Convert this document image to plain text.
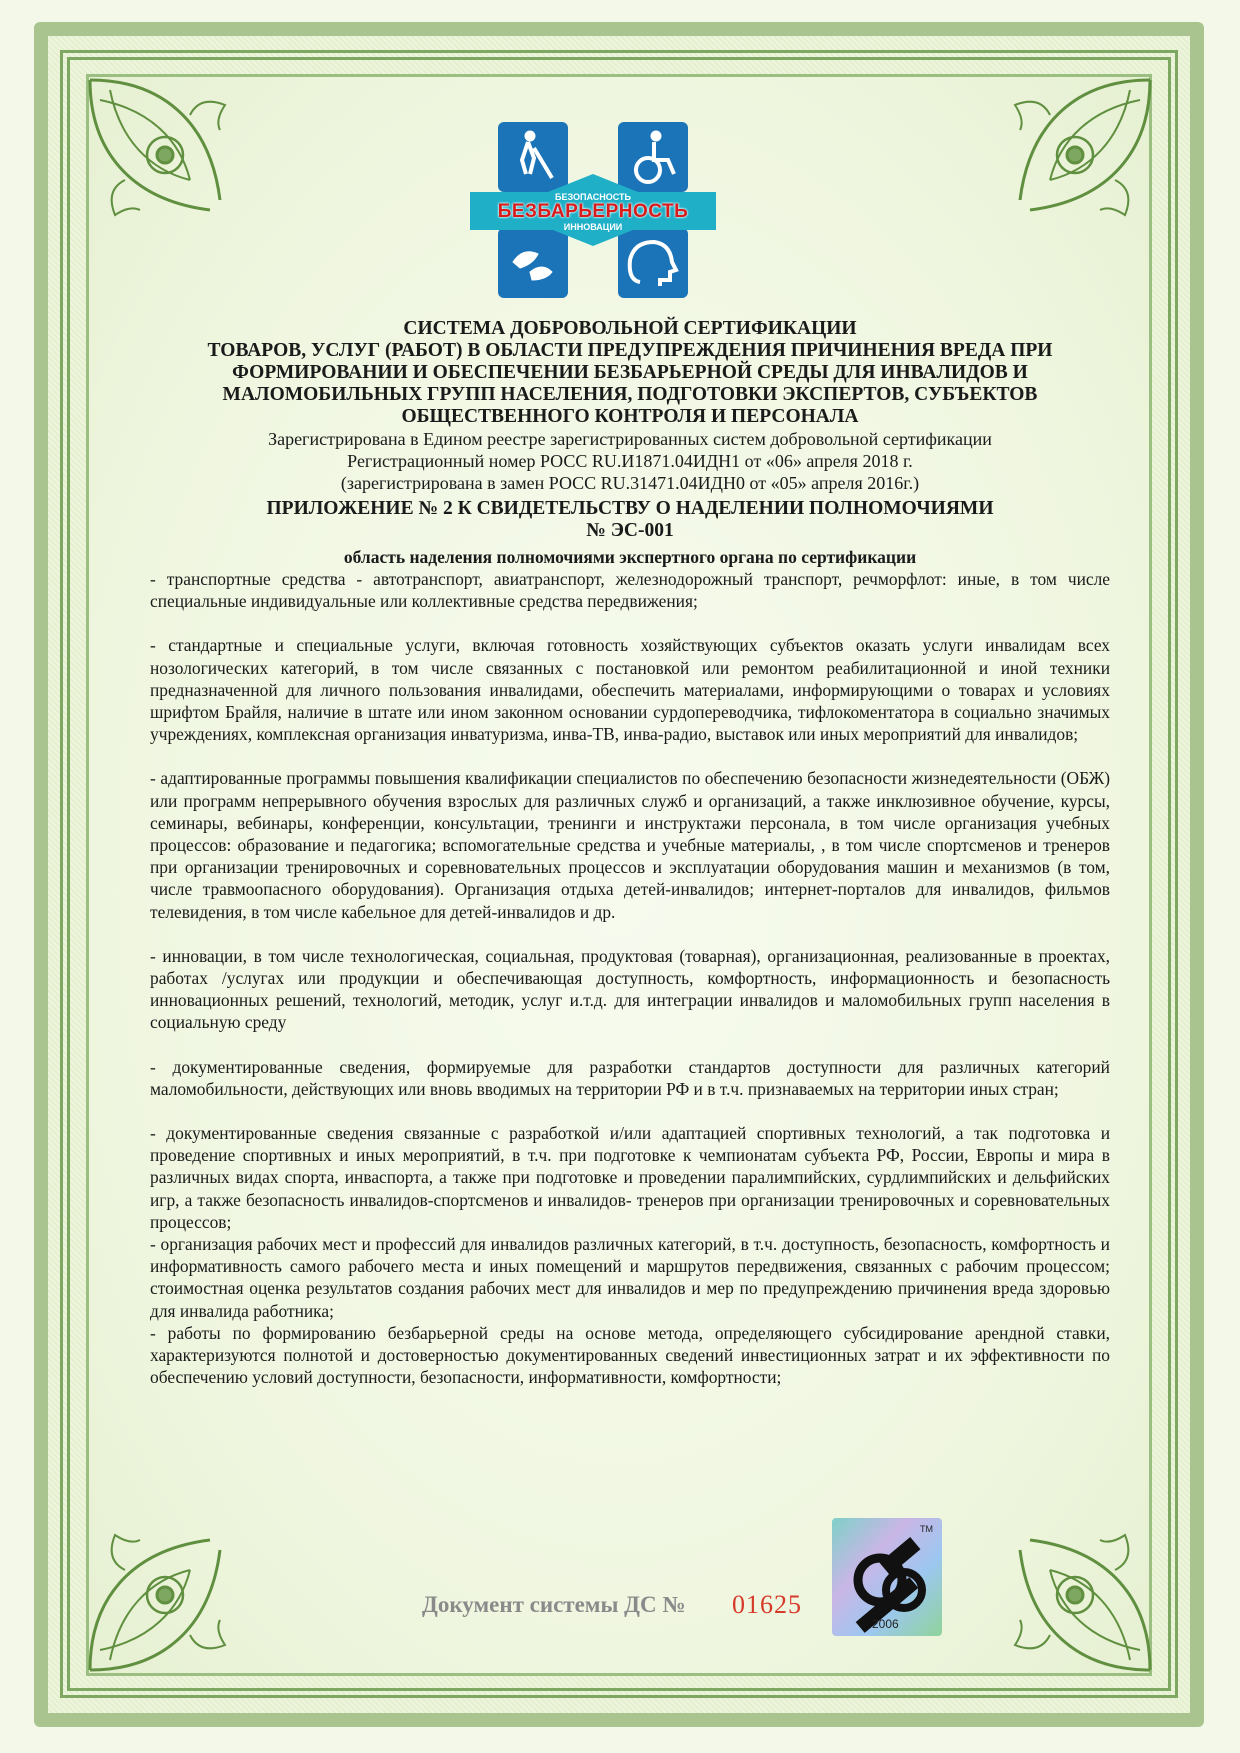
БЕЗОПАСНОСТЬ
БЕЗБАРЬЕРНОСТЬ
ИННОВАЦИИ

СИСТЕМА ДОБРОВОЛЬНОЙ СЕРТИФИКАЦИИ

ТОВАРОВ, УСЛУГ (РАБОТ) В ОБЛАСТИ ПРЕДУПРЕЖДЕНИЯ ПРИЧИНЕНИЯ ВРЕДА ПРИ

ФОРМИРОВАНИИ И ОБЕСПЕЧЕНИИ БЕЗБАРЬЕРНОЙ СРЕДЫ ДЛЯ ИНВАЛИДОВ И

МАЛОМОБИЛЬНЫХ ГРУПП НАСЕЛЕНИЯ, ПОДГОТОВКИ ЭКСПЕРТОВ, СУБЪЕКТОВ

ОБЩЕСТВЕННОГО КОНТРОЛЯ И ПЕРСОНАЛА

Зарегистрирована в Едином реестре зарегистрированных систем добровольной сертификации

Регистрационный номер РОСС RU.И1871.04ИДН1 от «06» апреля 2018 г.

(зарегистрирована в замен РОСС RU.31471.04ИДН0 от «05» апреля 2016г.)

ПРИЛОЖЕНИЕ № 2 К СВИДЕТЕЛЬСТВУ О НАДЕЛЕНИИ ПОЛНОМОЧИЯМИ

№ ЭС-001

область наделения полномочиями экспертного органа по сертификации

- транспортные средства - автотранспорт, авиатранспорт, железнодорожный транспорт, речморфлот: иные, в том числе специальные индивидуальные или коллективные средства передвижения;

- стандартные и специальные услуги, включая готовность хозяйствующих субъектов оказать услуги инвалидам всех нозологических категорий, в том числе связанных с постановкой или ремонтом реабилитационной и иной техники предназначенной для личного пользования инвалидами, обеспечить материалами, информирующими о товарах и условиях шрифтом Брайля, наличие в штате или ином законном основании сурдопереводчика, тифлокоментатора в социально значимых учреждениях, комплексная организация инватуризма, инва-ТВ, инва-радио, выставок или иных мероприятий для инвалидов;

- адаптированные программы повышения квалификации специалистов по обеспечению безопасности жизнедеятельности (ОБЖ) или программ непрерывного обучения взрослых для различных служб и организаций, а также инклюзивное обучение, курсы, семинары, вебинары, конференции, консультации, тренинги и инструктажи персонала, в том числе организация учебных процессов: образование и педагогика; вспомогательные средства и учебные материалы, , в том числе спортсменов и тренеров при организации тренировочных и соревновательных процессов и эксплуатации оборудования машин и механизмов (в том, числе травмоопасного оборудования). Организация отдыха детей-инвалидов; интернет-порталов для инвалидов, фильмов телевидения, в том числе кабельное для детей-инвалидов и др.

- инновации, в том числе технологическая, социальная, продуктовая (товарная), организационная, реализованные в проектах, работах /услугах или продукции и обеспечивающая доступность, комфортность, информационность и безопасность инновационных решений, технологий, методик, услуг и.т.д. для интеграции инвалидов и маломобильных групп населения в социальную среду

- документированные сведения, формируемые для разработки стандартов доступности для различных категорий маломобильности, действующих или вновь вводимых на территории РФ и в т.ч. признаваемых на территории иных стран;

- документированные сведения связанные с разработкой и/или адаптацией спортивных технологий, а так подготовка и проведение спортивных и иных мероприятий, в т.ч. при подготовке к чемпионатам субъекта РФ, России, Европы и мира в различных видах спорта, инваспорта, а также при подготовке и проведении паралимпийских, сурдлимпийских и дельфийских игр, а также безопасность инвалидов-спортсменов и инвалидов- тренеров при организации тренировочных и соревновательных процессов;

- организация рабочих мест и профессий для инвалидов различных категорий, в т.ч. доступность, безопасность, комфортность и информативность самого рабочего места и иных помещений и маршрутов передвижения, связанных с рабочим процессом; стоимостная оценка результатов создания рабочих мест для инвалидов и мер по предупреждению причинения вреда здоровью для инвалида работника;

- работы по формированию безбарьерной среды на основе метода, определяющего субсидирование арендной ставки, характеризуются полнотой и достоверностью документированных сведений инвестиционных затрат и их эффективности по обеспечению условий доступности, безопасности, информативности, комфортности;

Документ системы ДС № 01625
TM
2006
